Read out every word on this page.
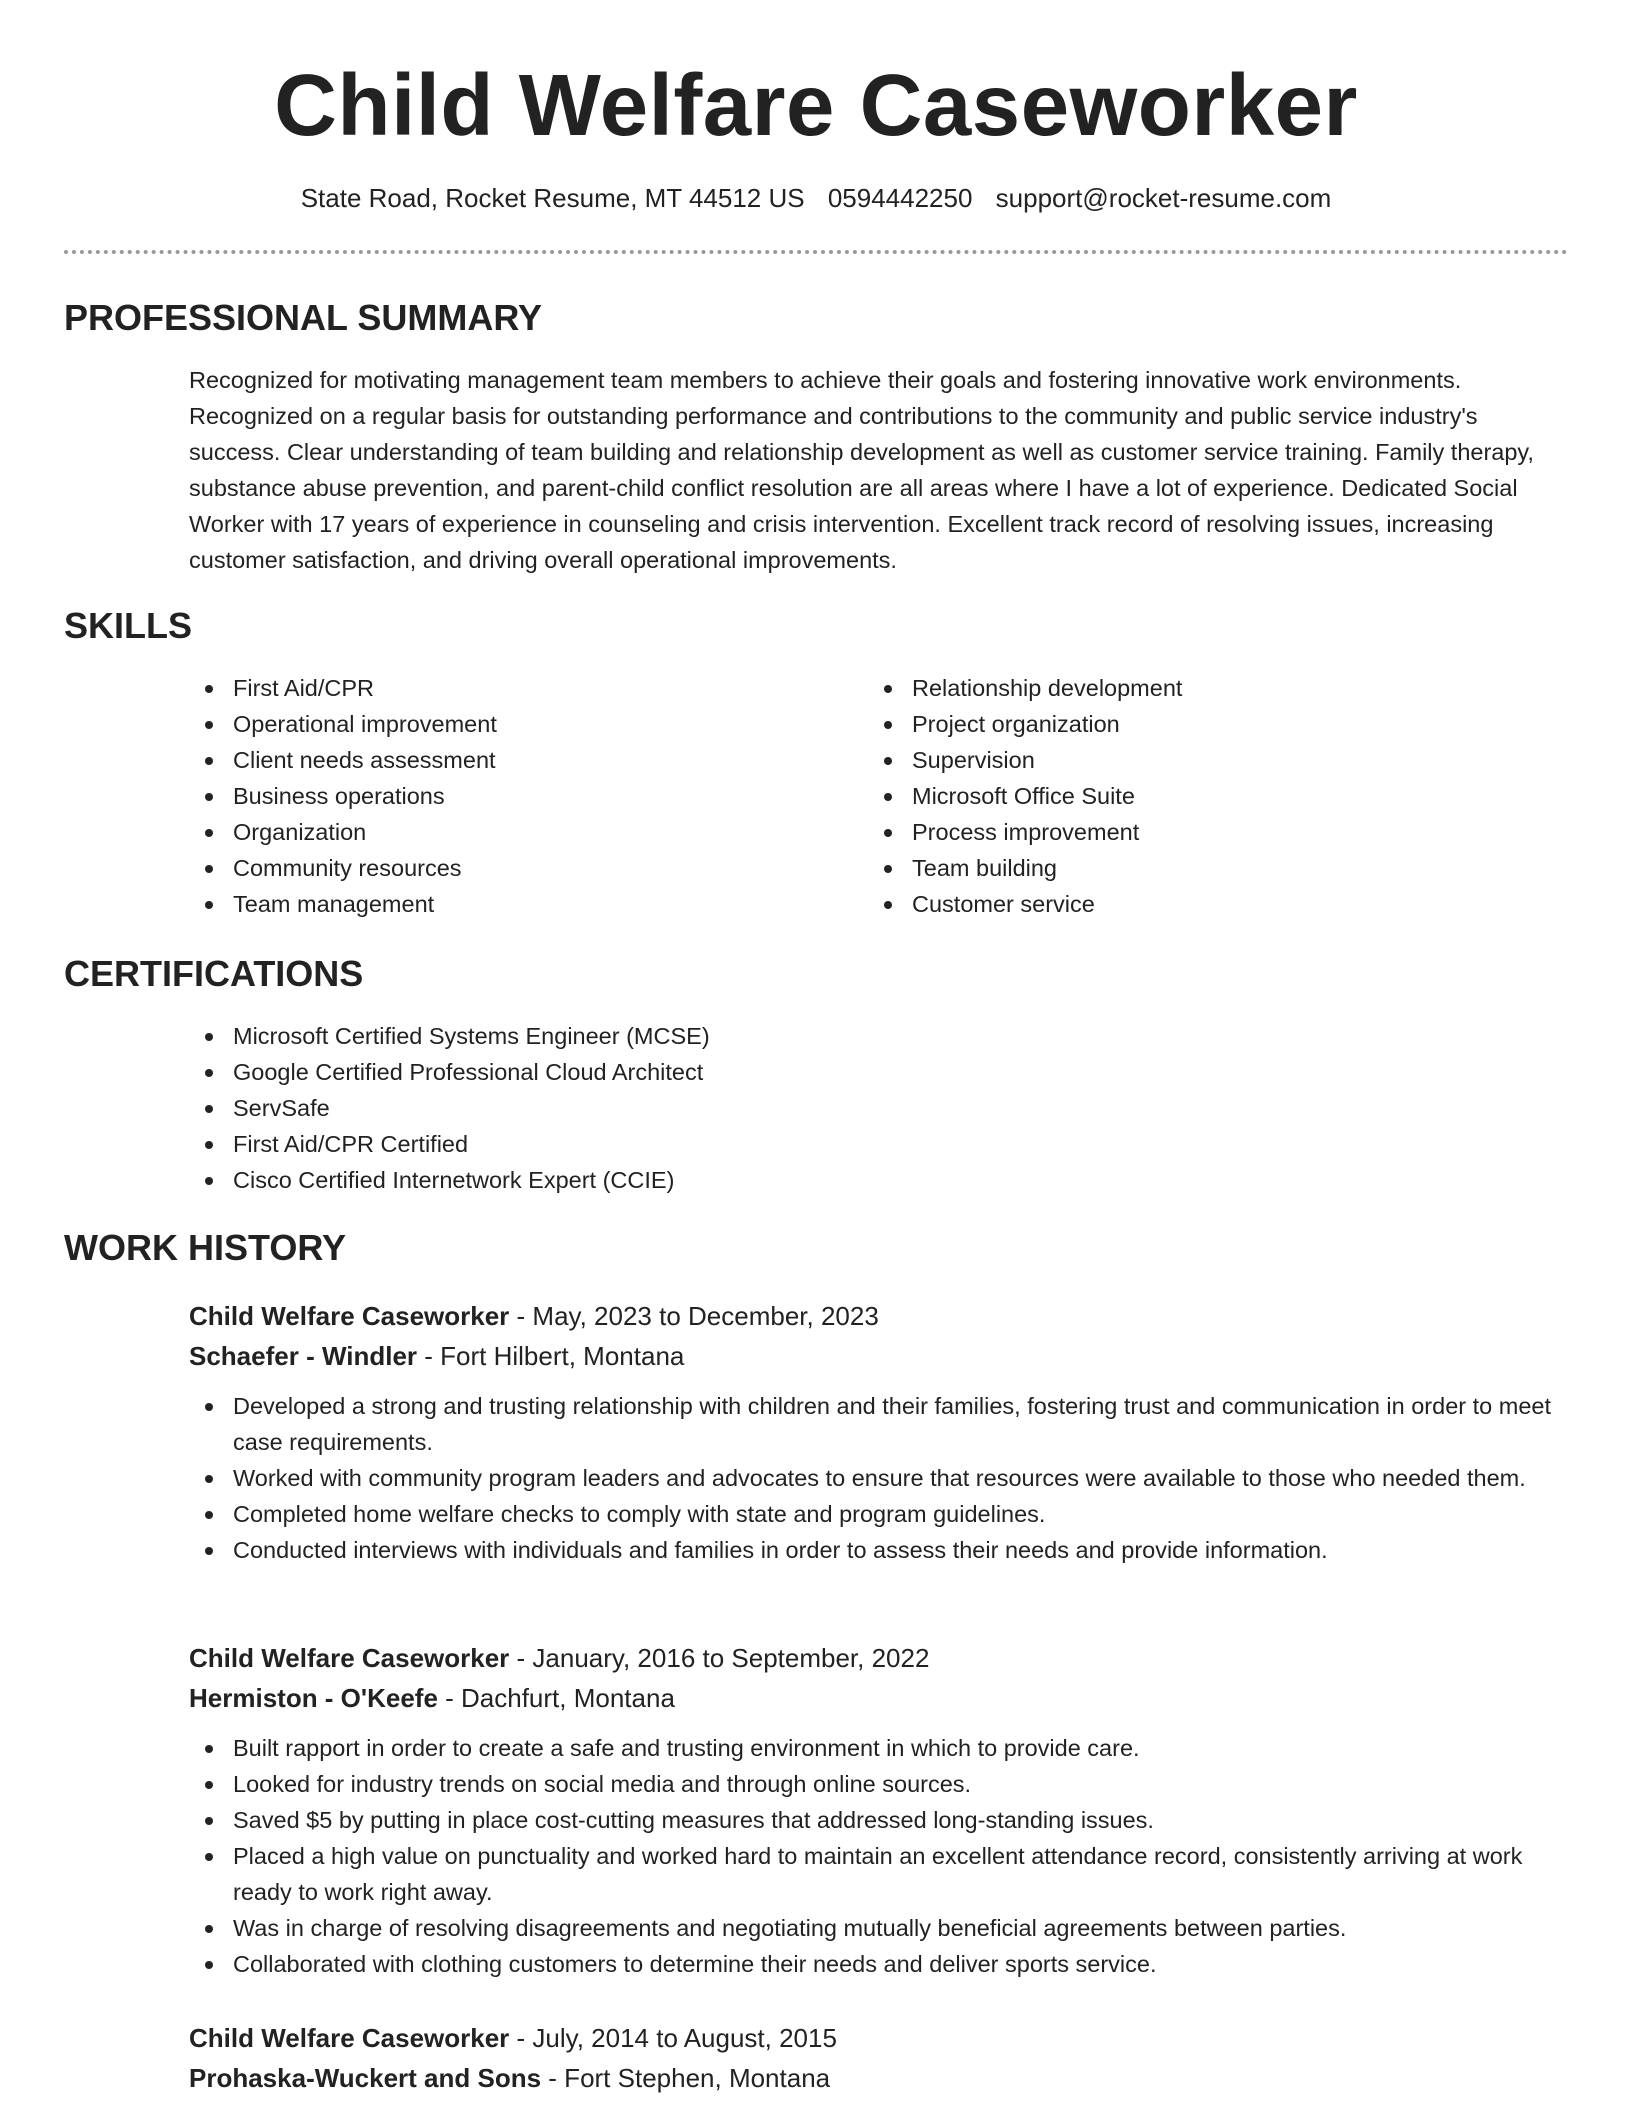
Child Welfare Caseworker
State Road, Rocket Resume, MT 44512 US 0594442250 support@rocket-resume.com
PROFESSIONAL SUMMARY

Recognized for motivating management team members to achieve their goals and fostering innovative work environments. Recognized on a regular basis for outstanding performance and contributions to the community and public service industry's success. Clear understanding of team building and relationship development as well as customer service training. Family therapy, substance abuse prevention, and parent-child conflict resolution are all areas where I have a lot of experience. Dedicated Social Worker with 17 years of experience in counseling and crisis intervention. Excellent track record of resolving issues, increasing customer satisfaction, and driving overall operational improvements.

SKILLS
First Aid/CPR
Operational improvement
Client needs assessment
Business operations
Organization
Community resources
Team management
Relationship development
Project organization
Supervision
Microsoft Office Suite
Process improvement
Team building
Customer service
CERTIFICATIONS
Microsoft Certified Systems Engineer (MCSE)
Google Certified Professional Cloud Architect
ServSafe
First Aid/CPR Certified
Cisco Certified Internetwork Expert (CCIE)
WORK HISTORY

Child Welfare Caseworker - May, 2023 to December, 2023

Schaefer - Windler - Fort Hilbert, Montana

Developed a strong and trusting relationship with children and their families, fostering trust and communication in order to meet case requirements.
Worked with community program leaders and advocates to ensure that resources were available to those who needed them.
Completed home welfare checks to comply with state and program guidelines.
Conducted interviews with individuals and families in order to assess their needs and provide information.

Child Welfare Caseworker - January, 2016 to September, 2022

Hermiston - O'Keefe - Dachfurt, Montana

Built rapport in order to create a safe and trusting environment in which to provide care.
Looked for industry trends on social media and through online sources.
Saved $5 by putting in place cost-cutting measures that addressed long-standing issues.
Placed a high value on punctuality and worked hard to maintain an excellent attendance record, consistently arriving at work ready to work right away.
Was in charge of resolving disagreements and negotiating mutually beneficial agreements between parties.
Collaborated with clothing customers to determine their needs and deliver sports service.

Child Welfare Caseworker - July, 2014 to August, 2015

Prohaska-Wuckert and Sons - Fort Stephen, Montana
